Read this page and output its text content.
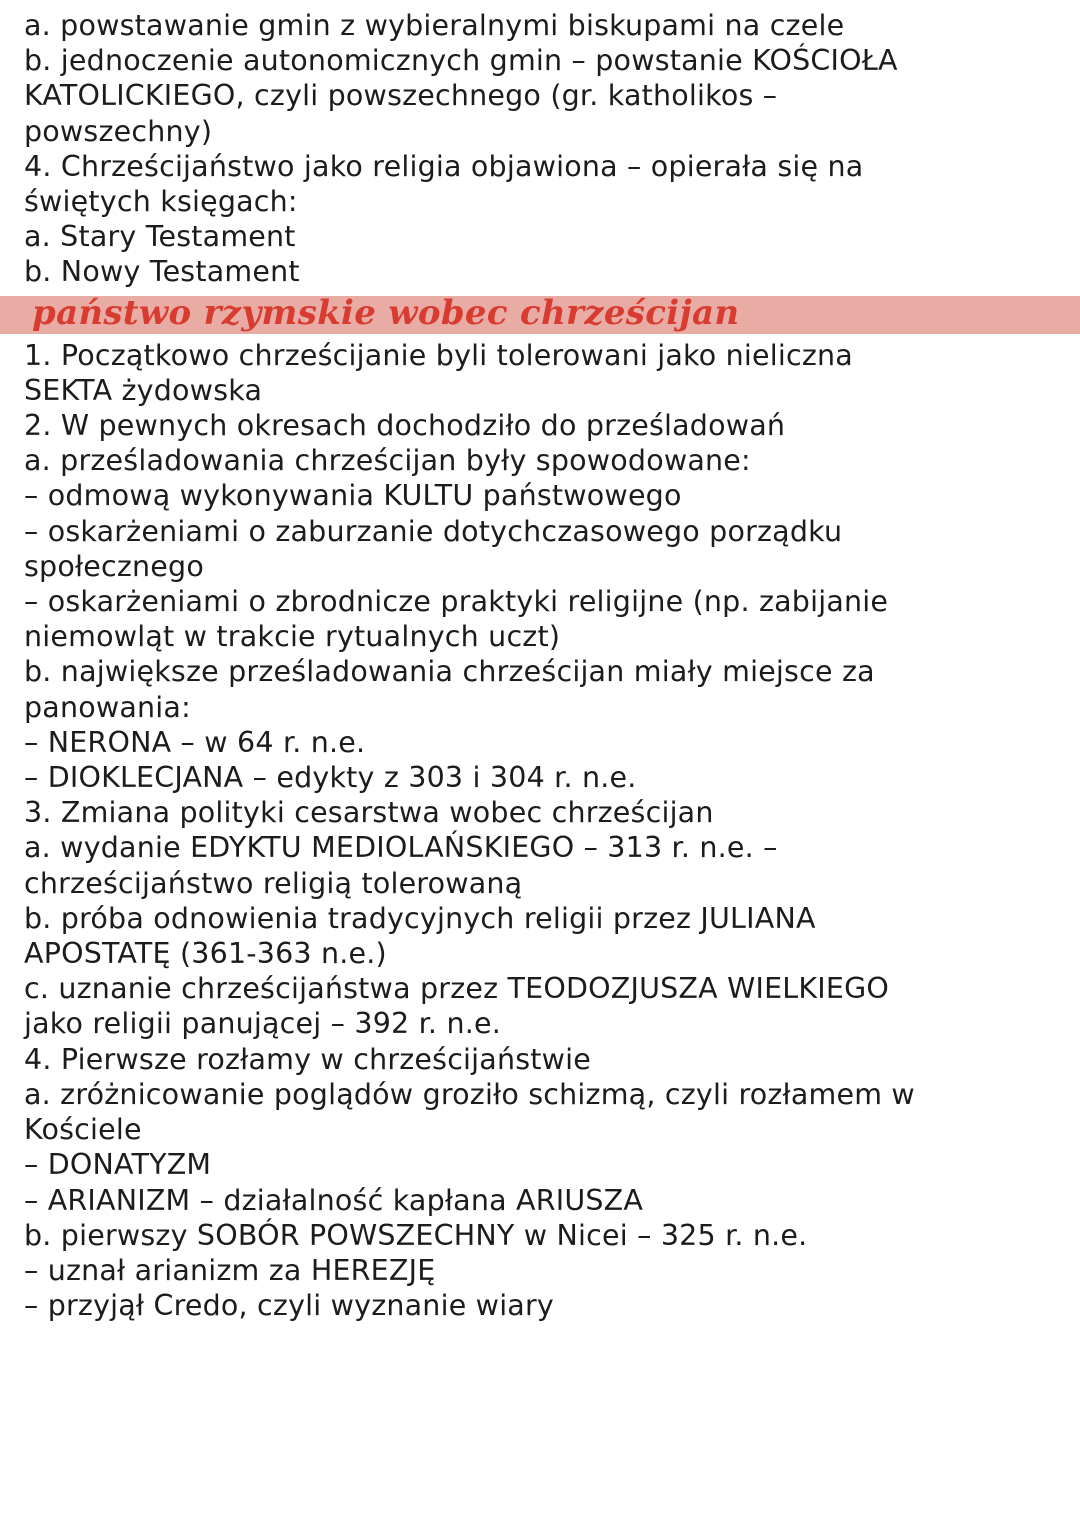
a. powstawanie gmin z wybieralnymi biskupami na czele
b. jednoczenie autonomicznych gmin – powstanie KOŚCIOŁA
KATOLICKIEGO, czyli powszechnego (gr. katholikos –
powszechny)
4. Chrześcijaństwo jako religia objawiona – opierała się na
świętych księgach:
a. Stary Testament
b. Nowy Testament
państwo rzymskie wobec chrześcijan
1. Początkowo chrześcijanie byli tolerowani jako nieliczna
SEKTA żydowska
2. W pewnych okresach dochodziło do prześladowań
a. prześladowania chrześcijan były spowodowane:
– odmową wykonywania KULTU państwowego
– oskarżeniami o zaburzanie dotychczasowego porządku
społecznego
– oskarżeniami o zbrodnicze praktyki religijne (np. zabijanie
niemowląt w trakcie rytualnych uczt)
b. największe prześladowania chrześcijan miały miejsce za
panowania:
– NERONA – w 64 r. n.e.
– DIOKLECJANA – edykty z 303 i 304 r. n.e.
3. Zmiana polityki cesarstwa wobec chrześcijan
a. wydanie EDYKTU MEDIOLAŃSKIEGO – 313 r. n.e. –
chrześcijaństwo religią tolerowaną
b. próba odnowienia tradycyjnych religii przez JULIANA
APOSTATĘ (361-363 n.e.)
c. uznanie chrześcijaństwa przez TEODOZJUSZA WIELKIEGO
jako religii panującej – 392 r. n.e.
4. Pierwsze rozłamy w chrześcijaństwie
a. zróżnicowanie poglądów groziło schizmą, czyli rozłamem w
Kościele
– DONATYZM
– ARIANIZM – działalność kapłana ARIUSZA
b. pierwszy SOBÓR POWSZECHNY w Nicei – 325 r. n.e.
– uznał arianizm za HEREZJĘ
– przyjął Credo, czyli wyznanie wiary
